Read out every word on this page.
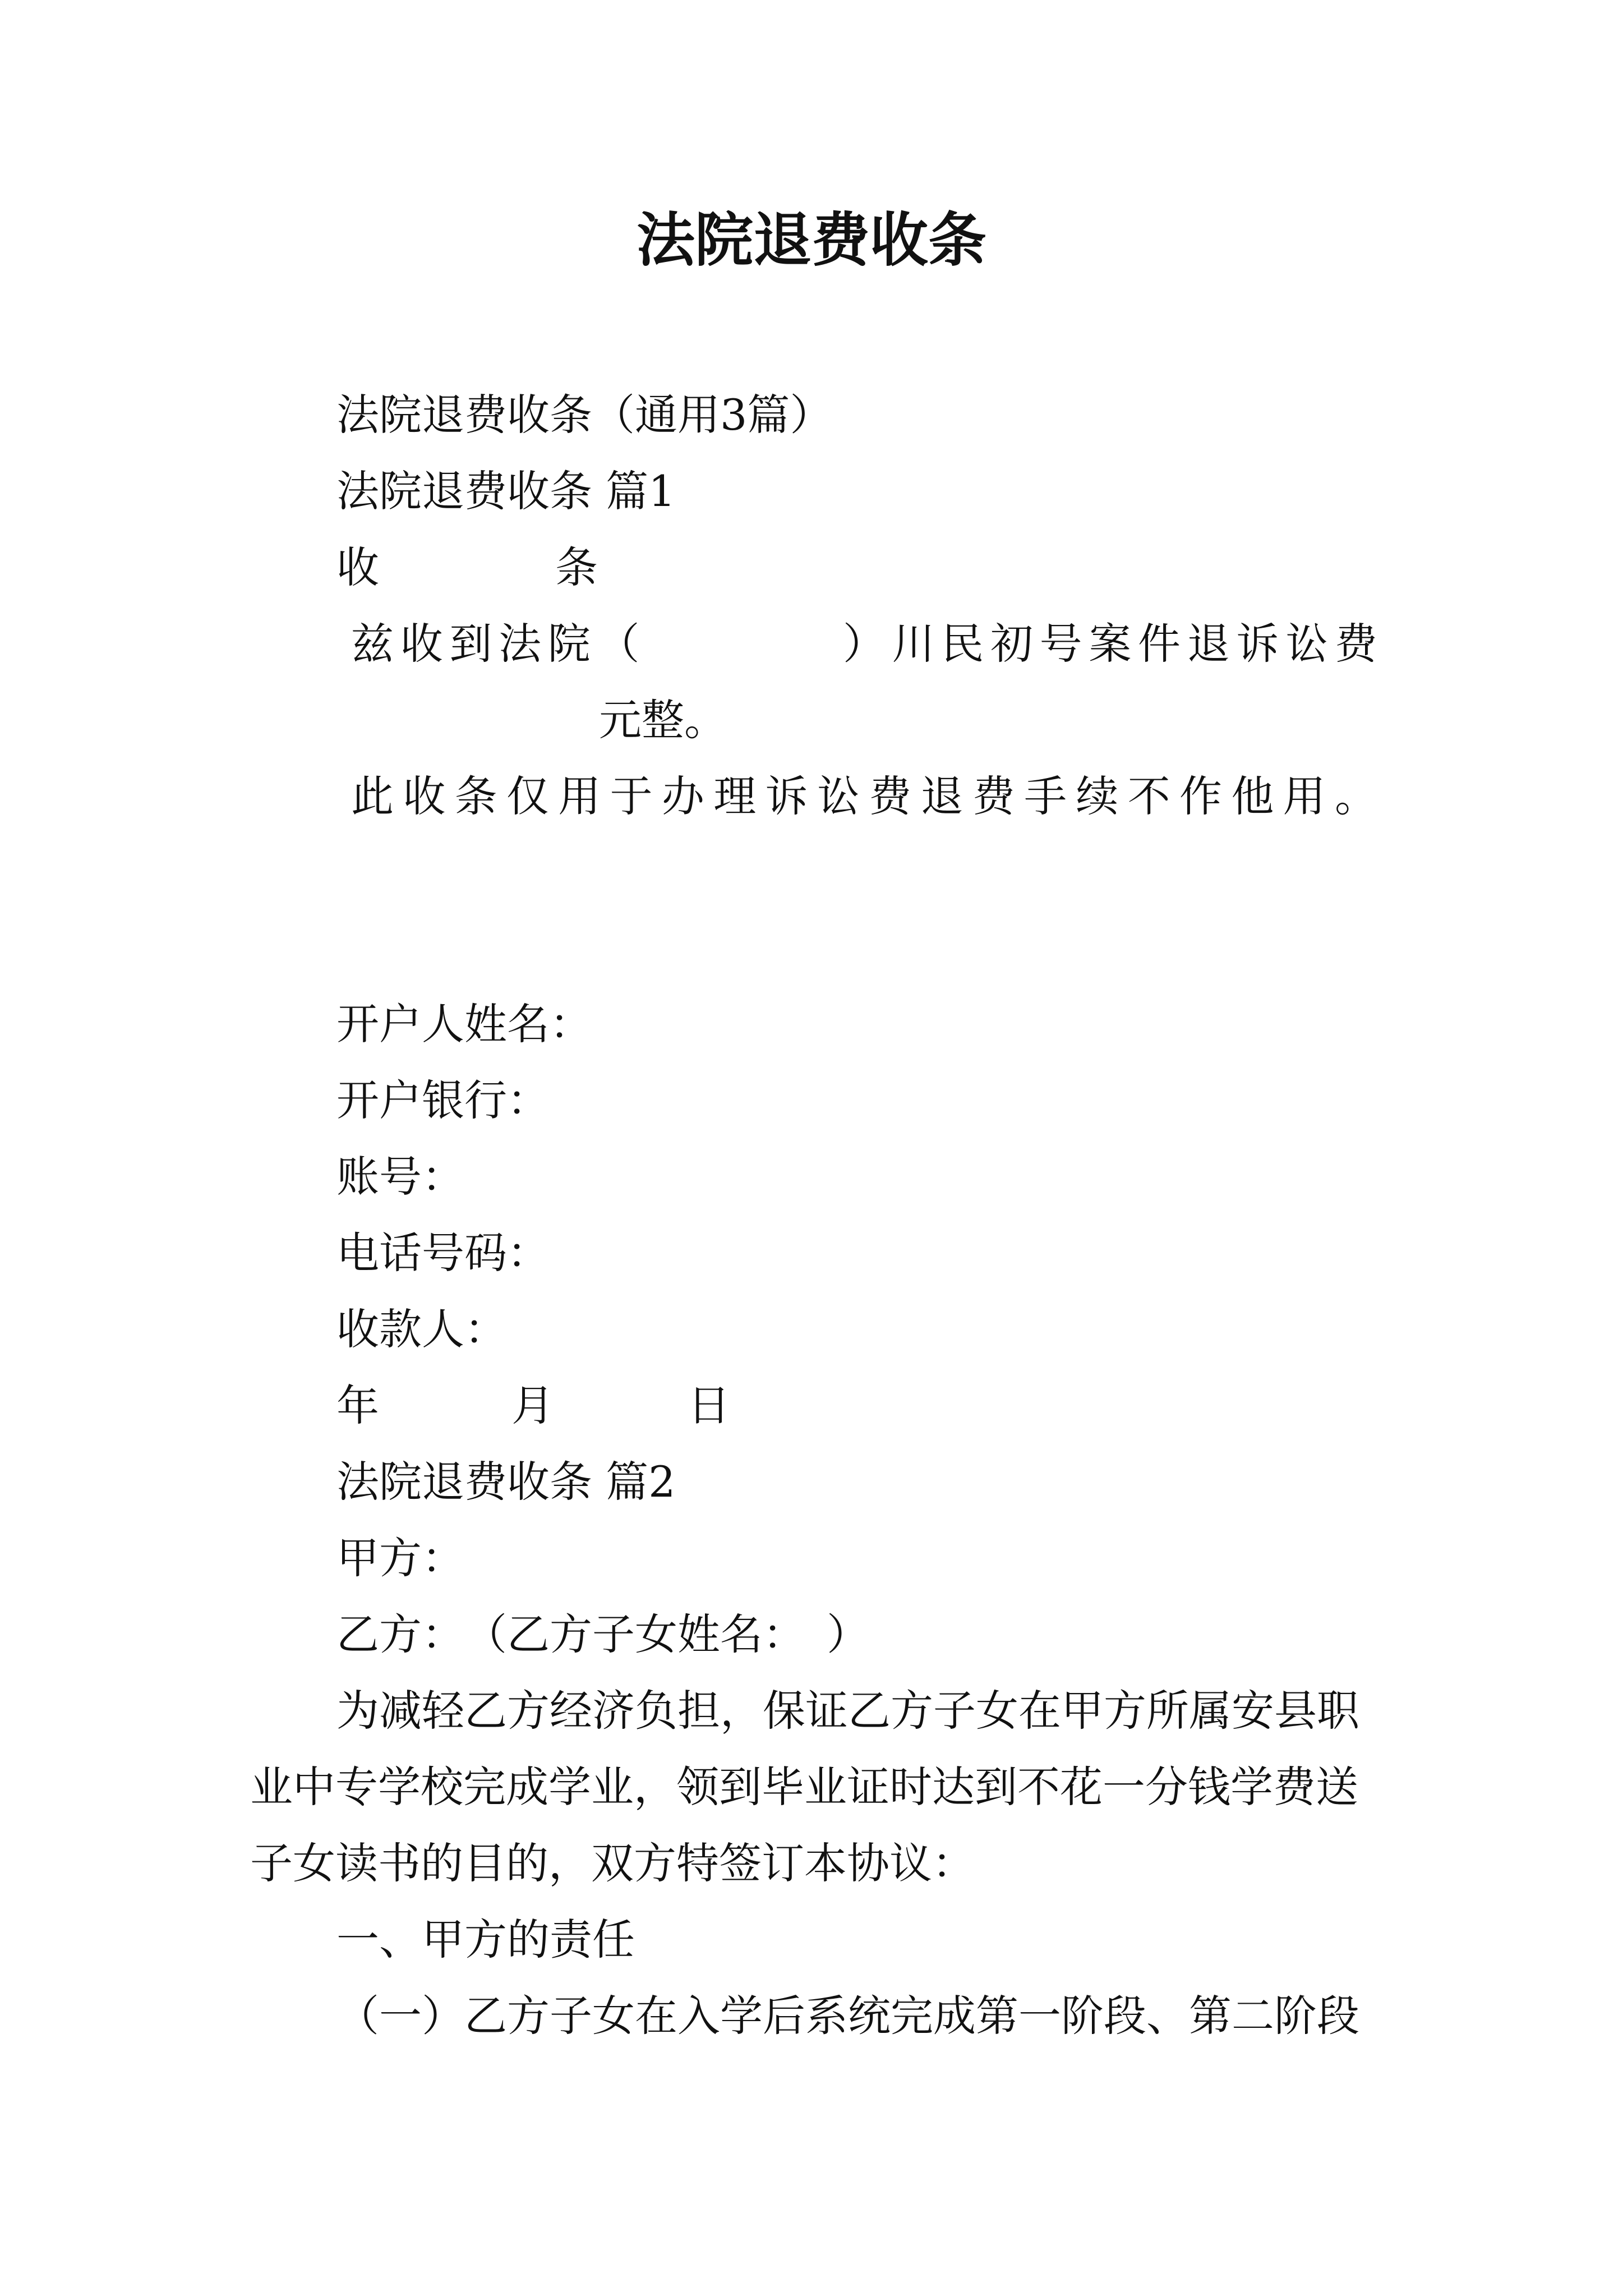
法院退费收条

法院退费收条（通用3篇）

法院退费收条 篇1

收	条
兹 收 到 法 院 （

　	） 川 民 初 号 案 件 退 诉 讼 费

元整。

此 收 条 仅 用 于 办 理 诉 讼 费 退 费 手 续 不 作 他 用 。

开户人姓名：

开户银行：

账号：

电话号码：

收款人：

年	月	日

法院退费收条 篇2

甲方：

乙方：　（乙方子女姓名：　）

为减轻乙方经济负担，保证乙方子女在甲方所属安县职

业中专学校完成学业，领到毕业证时达到不花一分钱学费送

子女读书的目的，双方特签订本协议：

一、甲方的责任

（一）乙方子女在入学后系统完成第一阶段、第二阶段
